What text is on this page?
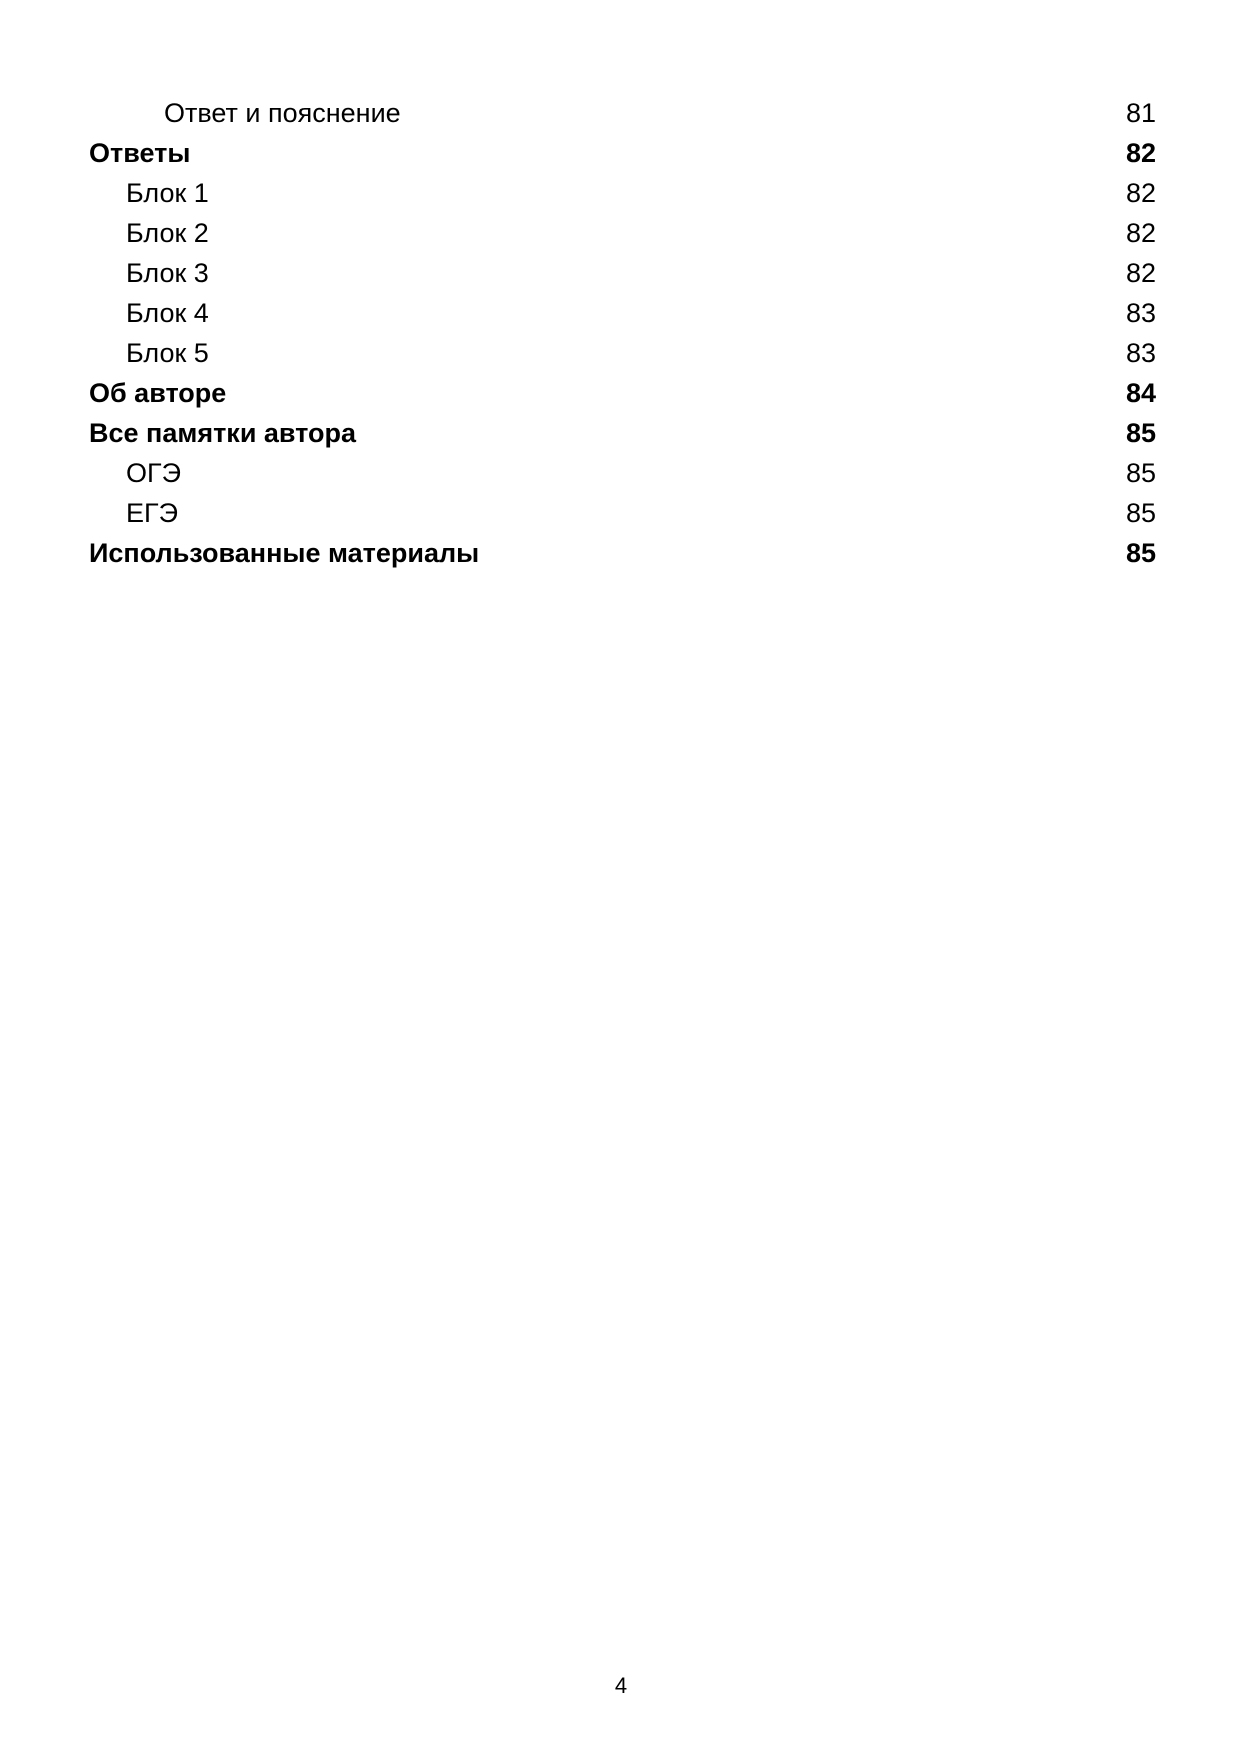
Ответ и пояснение	81
Ответы	82
Блок 1	82
Блок 2	82
Блок 3	82
Блок 4	83
Блок 5	83
Об авторе	84
Все памятки автора	85
ОГЭ	85
ЕГЭ	85
Использованные материалы	85
4
